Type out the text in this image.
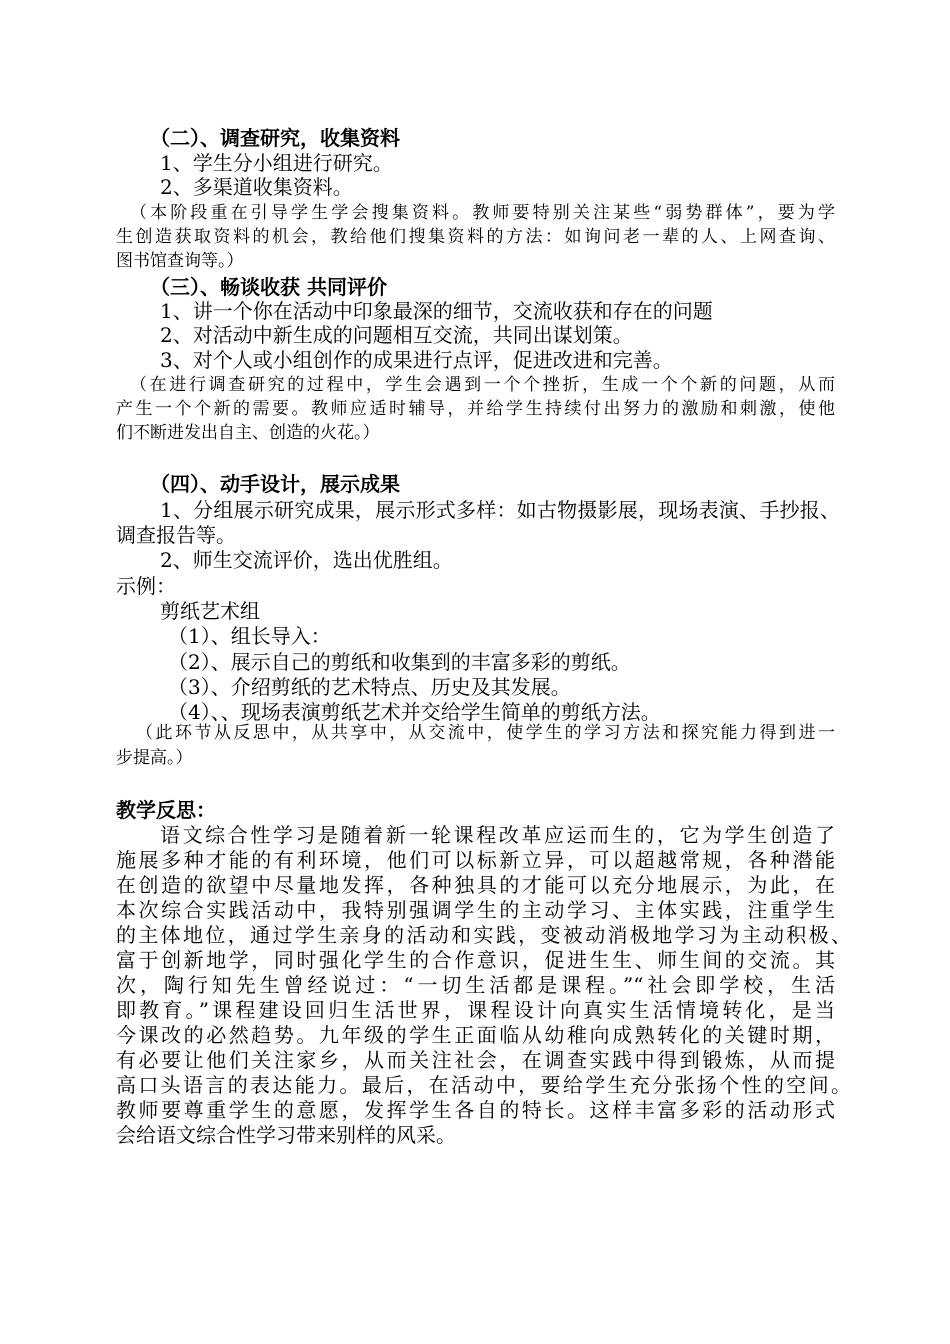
（二）、调查研究，收集资料
1、学生分小组进行研究。
2、多渠道收集资料。
（本阶段重在引导学生学会搜集资料。教师要特别关注某些“弱势群体”，要为学
生创造获取资料的机会，教给他们搜集资料的方法：如询问老一辈的人、上网查询、
图书馆查询等。）
（三）、畅谈收获 共同评价
1、讲一个你在活动中印象最深的细节，交流收获和存在的问题
2、对活动中新生成的问题相互交流，共同出谋划策。
3、对个人或小组创作的成果进行点评，促进改进和完善。
（在进行调查研究的过程中，学生会遇到一个个挫折，生成一个个新的问题，从而
产生一个个新的需要。教师应适时辅导，并给学生持续付出努力的激励和刺激，使他
们不断进发出自主、创造的火花。）
（四）、动手设计，展示成果
1、分组展示研究成果，展示形式多样：如古物摄影展，现场表演、手抄报、
调查报告等。
2、师生交流评价，选出优胜组。
示例：
剪纸艺术组
（1）、组长导入：
（2）、展示自己的剪纸和收集到的丰富多彩的剪纸。
（3）、介绍剪纸的艺术特点、历史及其发展。
（4）、、现场表演剪纸艺术并交给学生简单的剪纸方法。
（此环节从反思中，从共享中，从交流中，使学生的学习方法和探究能力得到进一
步提高。）
教学反思：
语文综合性学习是随着新一轮课程改革应运而生的，它为学生创造了
施展多种才能的有利环境，他们可以标新立异，可以超越常规，各种潜能
在创造的欲望中尽量地发挥，各种独具的才能可以充分地展示，为此，在
本次综合实践活动中，我特别强调学生的主动学习、主体实践，注重学生
的主体地位，通过学生亲身的活动和实践，变被动消极地学习为主动积极、
富于创新地学，同时强化学生的合作意识，促进生生、师生间的交流。其
次，陶行知先生曾经说过：“一切生活都是课程。”“社会即学校，生活
即教育。”课程建设回归生活世界，课程设计向真实生活情境转化，是当
今课改的必然趋势。九年级的学生正面临从幼稚向成熟转化的关键时期，
有必要让他们关注家乡，从而关注社会，在调查实践中得到锻炼，从而提
高口头语言的表达能力。最后，在活动中，要给学生充分张扬个性的空间。
教师要尊重学生的意愿，发挥学生各自的特长。这样丰富多彩的活动形式
会给语文综合性学习带来别样的风采。
